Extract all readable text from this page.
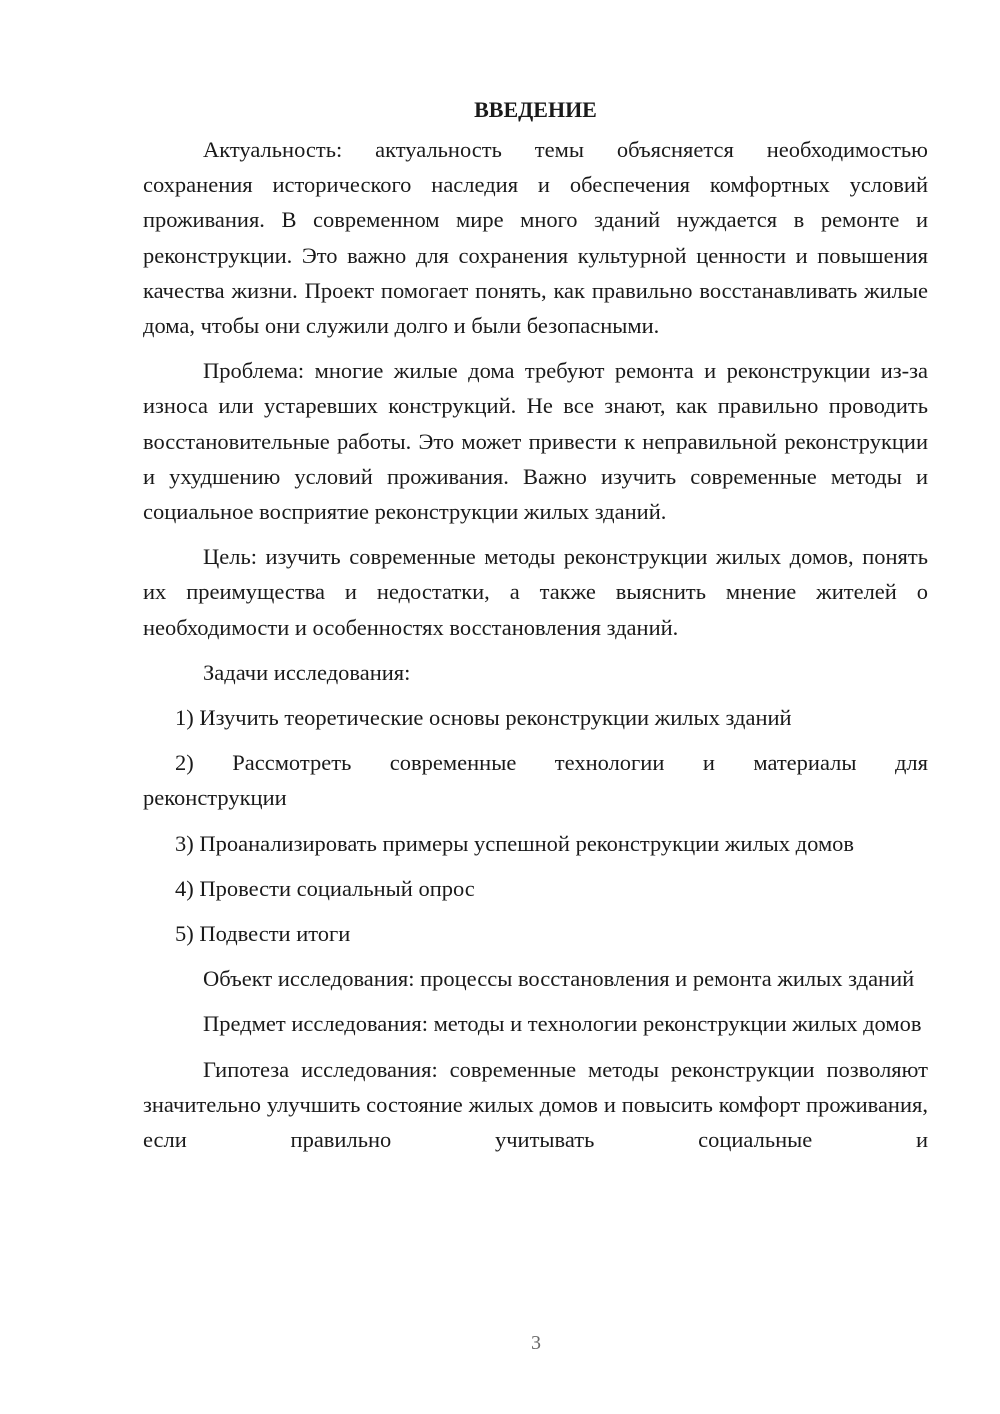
ВВЕДЕНИЕ

Актуальность: актуальность темы объясняется необходимостью сохранения исторического наследия и обеспечения комфортных условий проживания. В современном мире много зданий нуждается в ремонте и реконструкции. Это важно для сохранения культурной ценности и повышения качества жизни. Проект помогает понять, как правильно восстанавливать жилые дома, чтобы они служили долго и были безопасными.

Проблема: многие жилые дома требуют ремонта и реконструкции из-за износа или устаревших конструкций. Не все знают, как правильно проводить восстановительные работы. Это может привести к неправильной реконструкции и ухудшению условий проживания. Важно изучить современные методы и социальное восприятие реконструкции жилых зданий.

Цель: изучить современные методы реконструкции жилых домов, понять их преимущества и недостатки, а также выяснить мнение жителей о необходимости и особенностях восстановления зданий.

Задачи исследования:

1) Изучить теоретические основы реконструкции жилых зданий

2) Рассмотреть современные технологии и материалы для реконструкции

3) Проанализировать примеры успешной реконструкции жилых домов

4) Провести социальный опрос

5) Подвести итоги

Объект исследования: процессы восстановления и ремонта жилых зданий

Предмет исследования: методы и технологии реконструкции жилых домов

Гипотеза исследования: современные методы реконструкции позволяют значительно улучшить состояние жилых домов и повысить комфорт проживания, если правильно учитывать социальные и

3
